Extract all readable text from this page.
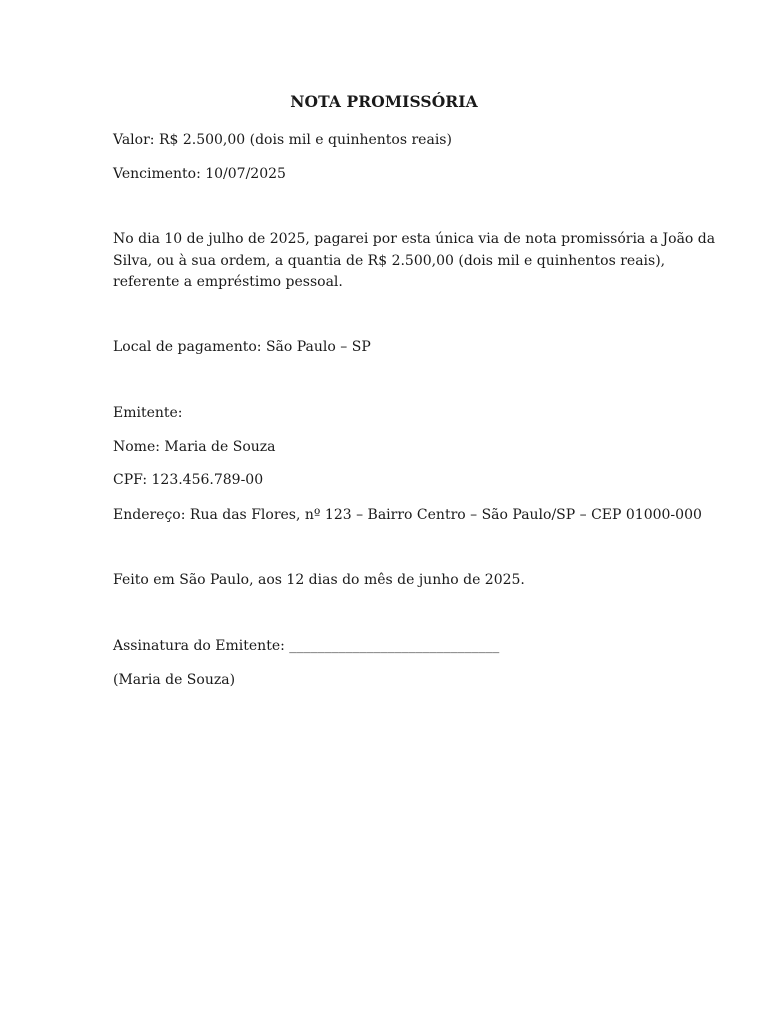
NOTA PROMISSÓRIA
Valor: R$ 2.500,00 (dois mil e quinhentos reais)
Vencimento: 10/07/2025
No dia 10 de julho de 2025, pagarei por esta única via de nota promissória a João da
Silva, ou à sua ordem, a quantia de R$ 2.500,00 (dois mil e quinhentos reais),
referente a empréstimo pessoal.
Local de pagamento: São Paulo – SP
Emitente:
Nome: Maria de Souza
CPF: 123.456.789-00
Endereço: Rua das Flores, nº 123 – Bairro Centro – São Paulo/SP – CEP 01000-000
Feito em São Paulo, aos 12 dias do mês de junho de 2025.
Assinatura do Emitente: ______________________________
(Maria de Souza)
